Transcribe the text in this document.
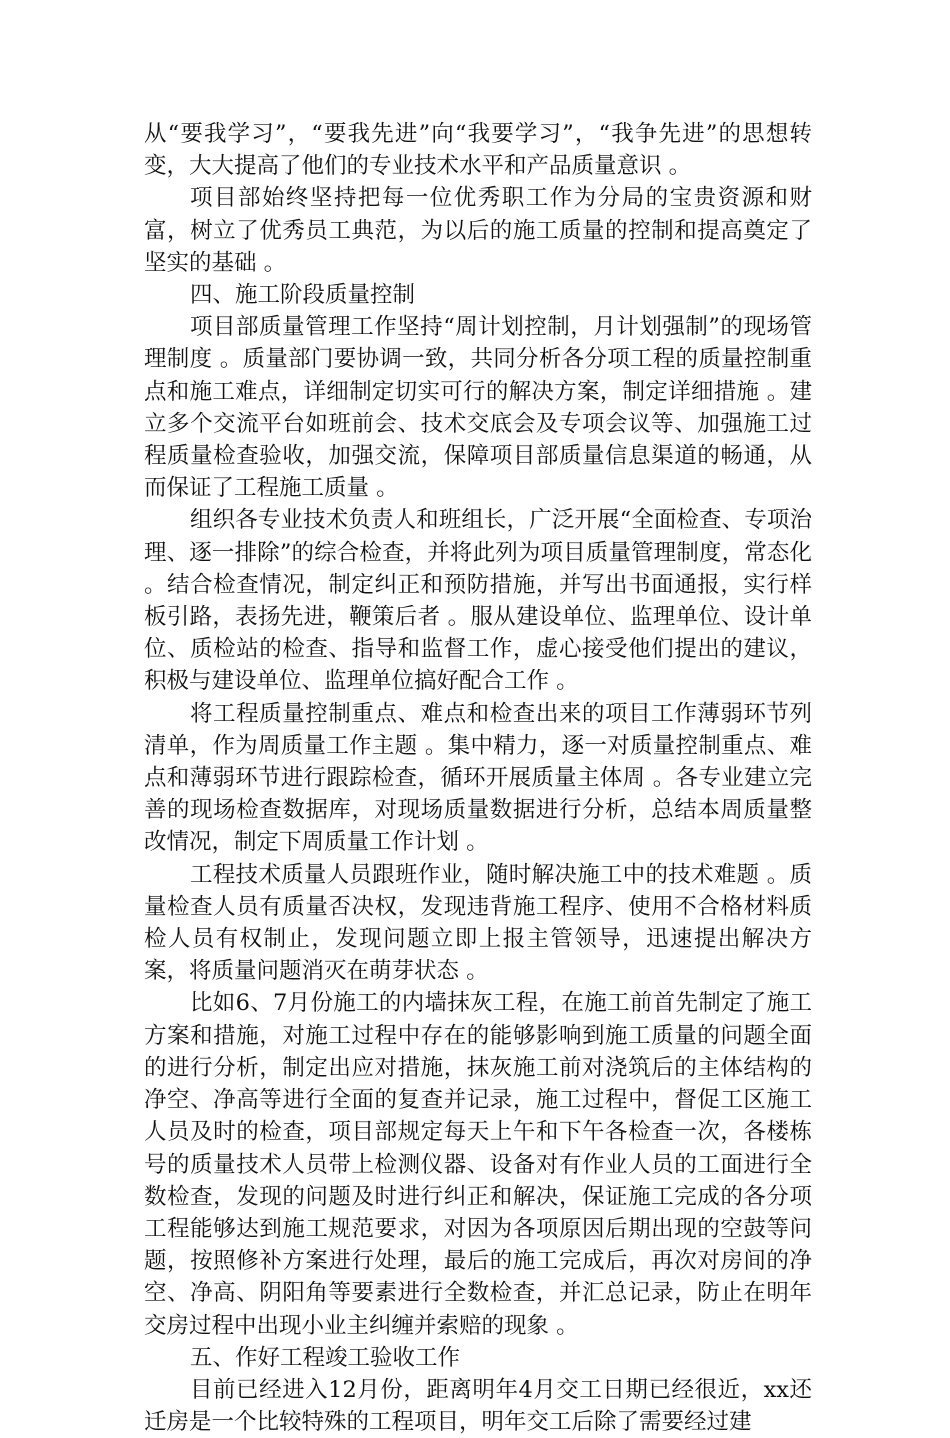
从“要我学习”，“要我先进”向“我要学习”，“我争先进”的思想转变，大大提高了他们的专业技术水平和产品质量意识 。

项目部始终坚持把每一位优秀职工作为分局的宝贵资源和财富，树立了优秀员工典范，为以后的施工质量的控制和提高奠定了坚实的基础 。

四、施工阶段质量控制

项目部质量管理工作坚持“周计划控制，月计划强制”的现场管理制度 。质量部门要协调一致，共同分析各分项工程的质量控制重点和施工难点，详细制定切实可行的解决方案，制定详细措施 。建立多个交流平台如班前会、技术交底会及专项会议等、加强施工过程质量检查验收，加强交流，保障项目部质量信息渠道的畅通，从而保证了工程施工质量 。

组织各专业技术负责人和班组长，广泛开展“全面检查、专项治理、逐一排除”的综合检查，并将此列为项目质量管理制度，常态化 。结合检查情况，制定纠正和预防措施，并写出书面通报，实行样板引路，表扬先进，鞭策后者 。服从建设单位、监理单位、设计单位、质检站的检查、指导和监督工作，虚心接受他们提出的建议，积极与建设单位、监理单位搞好配合工作 。

将工程质量控制重点、难点和检查出来的项目工作薄弱环节列清单，作为周质量工作主题 。集中精力，逐一对质量控制重点、难点和薄弱环节进行跟踪检查，循环开展质量主体周 。各专业建立完善的现场检查数据库，对现场质量数据进行分析，总结本周质量整改情况，制定下周质量工作计划 。

工程技术质量人员跟班作业，随时解决施工中的技术难题 。质量检查人员有质量否决权，发现违背施工程序、使用不合格材料质检人员有权制止，发现问题立即上报主管领导，迅速提出解决方案，将质量问题消灭在萌芽状态 。

比如6、7月份施工的内墙抹灰工程，在施工前首先制定了施工方案和措施，对施工过程中存在的能够影响到施工质量的问题全面的进行分析，制定出应对措施，抹灰施工前对浇筑后的主体结构的净空、净高等进行全面的复查并记录，施工过程中，督促工区施工人员及时的检查，项目部规定每天上午和下午各检查一次，各楼栋号的质量技术人员带上检测仪器、设备对有作业人员的工面进行全数检查，发现的问题及时进行纠正和解决，保证施工完成的各分项工程能够达到施工规范要求，对因为各项原因后期出现的空鼓等问题，按照修补方案进行处理，最后的施工完成后，再次对房间的净空、净高、阴阳角等要素进行全数检查，并汇总记录，防止在明年交房过程中出现小业主纠缠并索赔的现象 。

五、作好工程竣工验收工作

目前已经进入12月份，距离明年4月交工日期已经很近，xx还迁房是一个比较特殊的工程项目，明年交工后除了需要经过建
